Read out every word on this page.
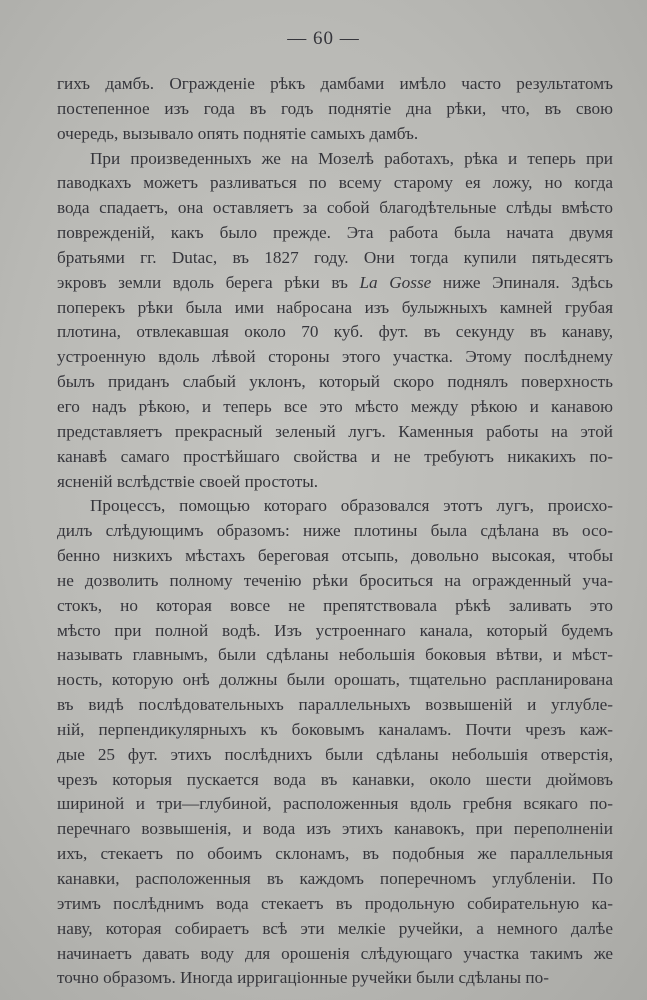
— 60 —
гихъ дамбъ. Огражденіе рѣкъ дамбами имѣло часто результатомъ
постепенное изъ года въ годъ поднятіе дна рѣки, что, въ свою
очередь, вызывало опять поднятіе самыхъ дамбъ.
При произведенныхъ же на Мозелѣ работахъ, рѣка и теперь при
паводкахъ можетъ разливаться по всему старому ея ложу, но когда
вода спадаетъ, она оставляетъ за собой благодѣтельные слѣды вмѣсто
поврежденій, какъ было прежде. Эта работа была начата двумя
братьями гг. Dutac, въ 1827 году. Они тогда купили пятьдесятъ
экровъ земли вдоль берега рѣки въ La Gosse ниже Эпиналя. Здѣсь
поперекъ рѣки была ими набросана изъ булыжныхъ камней грубая
плотина, отвлекавшая около 70 куб. фут. въ секунду въ канаву,
устроенную вдоль лѣвой стороны этого участка. Этому послѣднему
былъ приданъ слабый уклонъ, который скоро поднялъ поверхность
его надъ рѣкою, и теперь все это мѣсто между рѣкою и канавою
представляетъ прекрасный зеленый лугъ. Каменныя работы на этой
канавѣ самаго простѣйшаго свойства и не требуютъ никакихъ по-
ясненій вслѣдствіе своей простоты.
Процессъ, помощью котораго образовался этотъ лугъ, происхо-
дилъ слѣдующимъ образомъ: ниже плотины была сдѣлана въ осо-
бенно низкихъ мѣстахъ береговая отсыпь, довольно высокая, чтобы
не дозволить полному теченію рѣки броситься на огражденный уча-
стокъ, но которая вовсе не препятствовала рѣкѣ заливать это
мѣсто при полной водѣ. Изъ устроеннаго канала, который будемъ
называть главнымъ, были сдѣланы небольшія боковыя вѣтви, и мѣст-
ность, которую онѣ должны были орошать, тщательно распланирована
въ видѣ послѣдовательныхъ параллельныхъ возвышеній и углубле-
ній, перпендикулярныхъ къ боковымъ каналамъ. Почти чрезъ каж-
дые 25 фут. этихъ послѣднихъ были сдѣланы небольшія отверстія,
чрезъ которыя пускается вода въ канавки, около шести дюймовъ
шириной и три—глубиной, расположенныя вдоль гребня всякаго по-
перечнаго возвышенія, и вода изъ этихъ канавокъ, при переполненіи
ихъ, стекаетъ по обоимъ склонамъ, въ подобныя же параллельныя
канавки, расположенныя въ каждомъ поперечномъ углубленіи. По
этимъ послѣднимъ вода стекаетъ въ продольную собирательную ка-
наву, которая собираетъ всѣ эти мелкіе ручейки, а немного далѣе
начинаетъ давать воду для орошенія слѣдующаго участка такимъ же
точно образомъ. Иногда ирригаціонные ручейки были сдѣланы по-
